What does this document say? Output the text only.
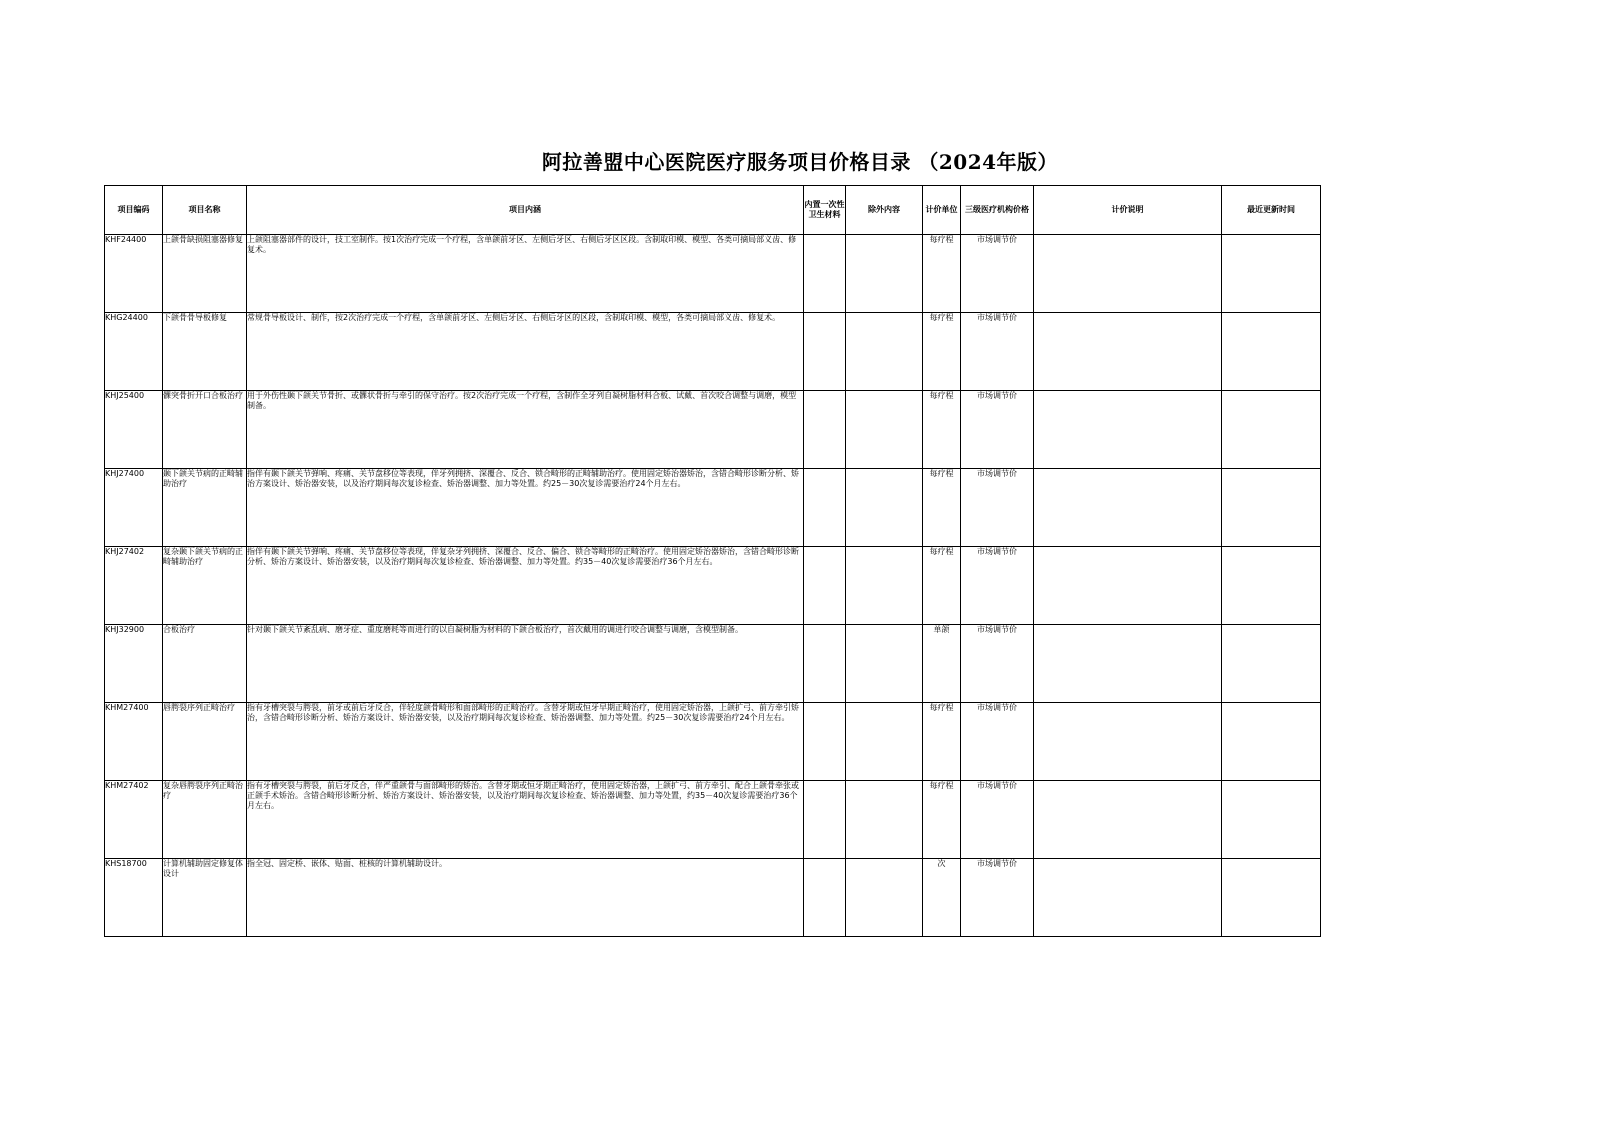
阿拉善盟中心医院医疗服务项目价格目录 （2024年版）
项目编码	项目名称	项目内涵	内置一次性卫生材料	除外内容	计价单位	三级医疗机构价格	计价说明	最近更新时间
KHF24400	上颌骨缺损阻塞器修复	上颌阻塞器部件的设计，技工室制作。按1次治疗完成一个疗程，含单颌前牙区、左侧后牙区、右侧后牙区区段。含制取印模、模型、各类可摘局部义齿、修复术。			每疗程	市场调节价		
KHG24400	下颌骨骨导板修复	常规骨导板设计、制作，按2次治疗完成一个疗程，含单颌前牙区、左侧后牙区、右侧后牙区的区段，含制取印模、模型，各类可摘局部义齿、修复术。			每疗程	市场调节价		
KHJ25400	髁突骨折开口合板治疗	用于外伤性颞下颌关节骨折、或髁状骨折与牵引的保守治疗。按2次治疗完成一个疗程，含制作全牙列自凝树脂材料合板、试戴、首次咬合调整与调磨，模型制备。			每疗程	市场调节价		
KHJ27400	颞下颌关节病的正畸辅助治疗	指伴有颞下颌关节弹响、疼痛、关节盘移位等表现，伴牙列拥挤、深覆合、反合、锁合畸形的正畸辅助治疗。使用固定矫治器矫治，含错合畸形诊断分析、矫治方案设计、矫治器安装，以及治疗期间每次复诊检查、矫治器调整、加力等处置。约25－30次复诊需要治疗24个月左右。			每疗程	市场调节价		
KHJ27402	复杂颞下颌关节病的正畸辅助治疗	指伴有颞下颌关节弹响、疼痛、关节盘移位等表现，伴复杂牙列拥挤、深覆合、反合、偏合、锁合等畸形的正畸治疗。使用固定矫治器矫治，含错合畸形诊断分析、矫治方案设计、矫治器安装，以及治疗期间每次复诊检查、矫治器调整、加力等处置。约35－40次复诊需要治疗36个月左右。			每疗程	市场调节价		
KHJ32900	合板治疗	针对颞下颌关节紊乱病、磨牙症、重度磨耗等而进行的以自凝树脂为材料的下颌合板治疗，首次戴用的调进行咬合调整与调磨，含模型制备。			单颌	市场调节价		
KHM27400	唇腭裂序列正畸治疗	指有牙槽突裂与腭裂，前牙或前后牙反合，伴轻度颌骨畸形和面部畸形的正畸治疗。含替牙期或恒牙早期正畸治疗，使用固定矫治器，上颌扩弓、前方牵引矫治，含错合畸形诊断分析、矫治方案设计、矫治器安装，以及治疗期间每次复诊检查、矫治器调整、加力等处置。约25－30次复诊需要治疗24个月左右。			每疗程	市场调节价		
KHM27402	复杂唇腭裂序列正畸治疗	指有牙槽突裂与腭裂，前后牙反合，伴严重颌骨与面部畸形的矫治。含替牙期或恒牙期正畸治疗，使用固定矫治器，上颌扩弓、前方牵引、配合上颌骨牵张或正颌手术矫治。含错合畸形诊断分析、矫治方案设计、矫治器安装，以及治疗期间每次复诊检查、矫治器调整、加力等处置，约35－40次复诊需要治疗36个月左右。			每疗程	市场调节价		
KHS18700	计算机辅助固定修复体设计	指全冠、固定桥、嵌体、贴面、桩核的计算机辅助设计。			次	市场调节价		
